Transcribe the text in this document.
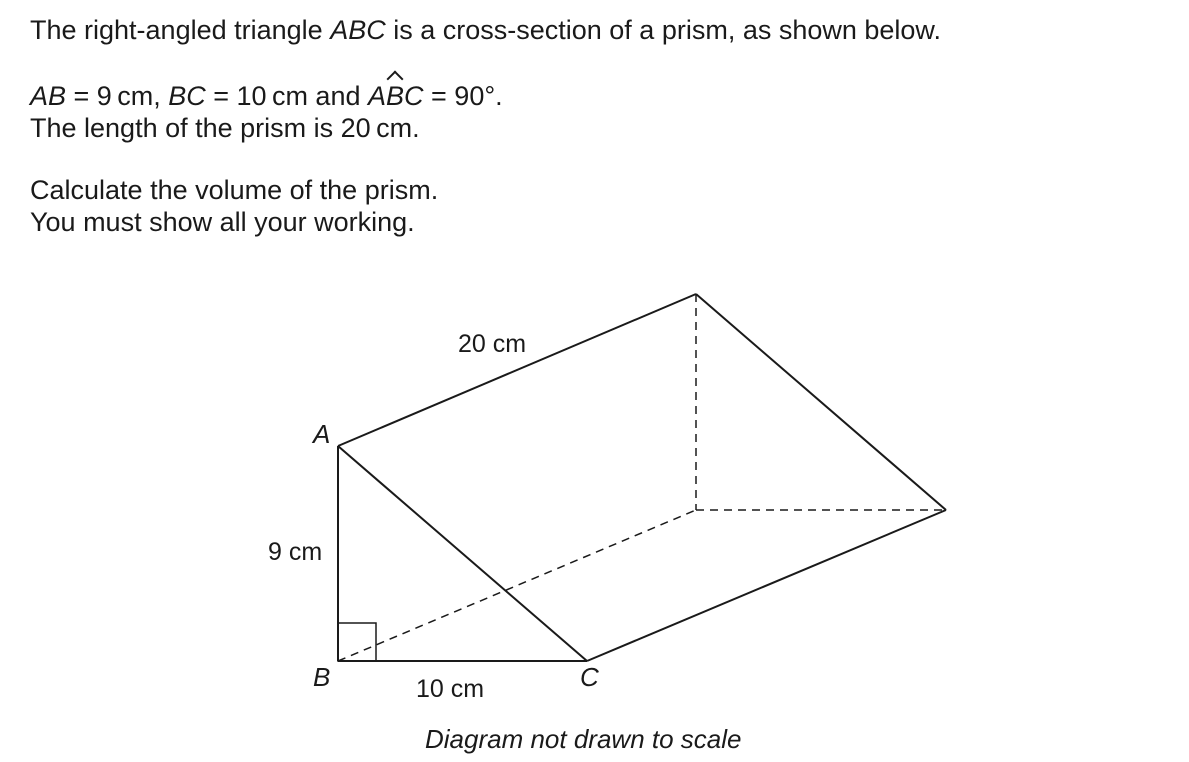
The right-angled triangle ABC is a cross-section of a prism, as shown below.
AB = 9 cm, BC = 10 cm and ABC = 90°.
The length of the prism is 20 cm.
Calculate the volume of the prism.
You must show all your working.
20 cm
A
9 cm
B	10 cm	C
Diagram not drawn to scale
